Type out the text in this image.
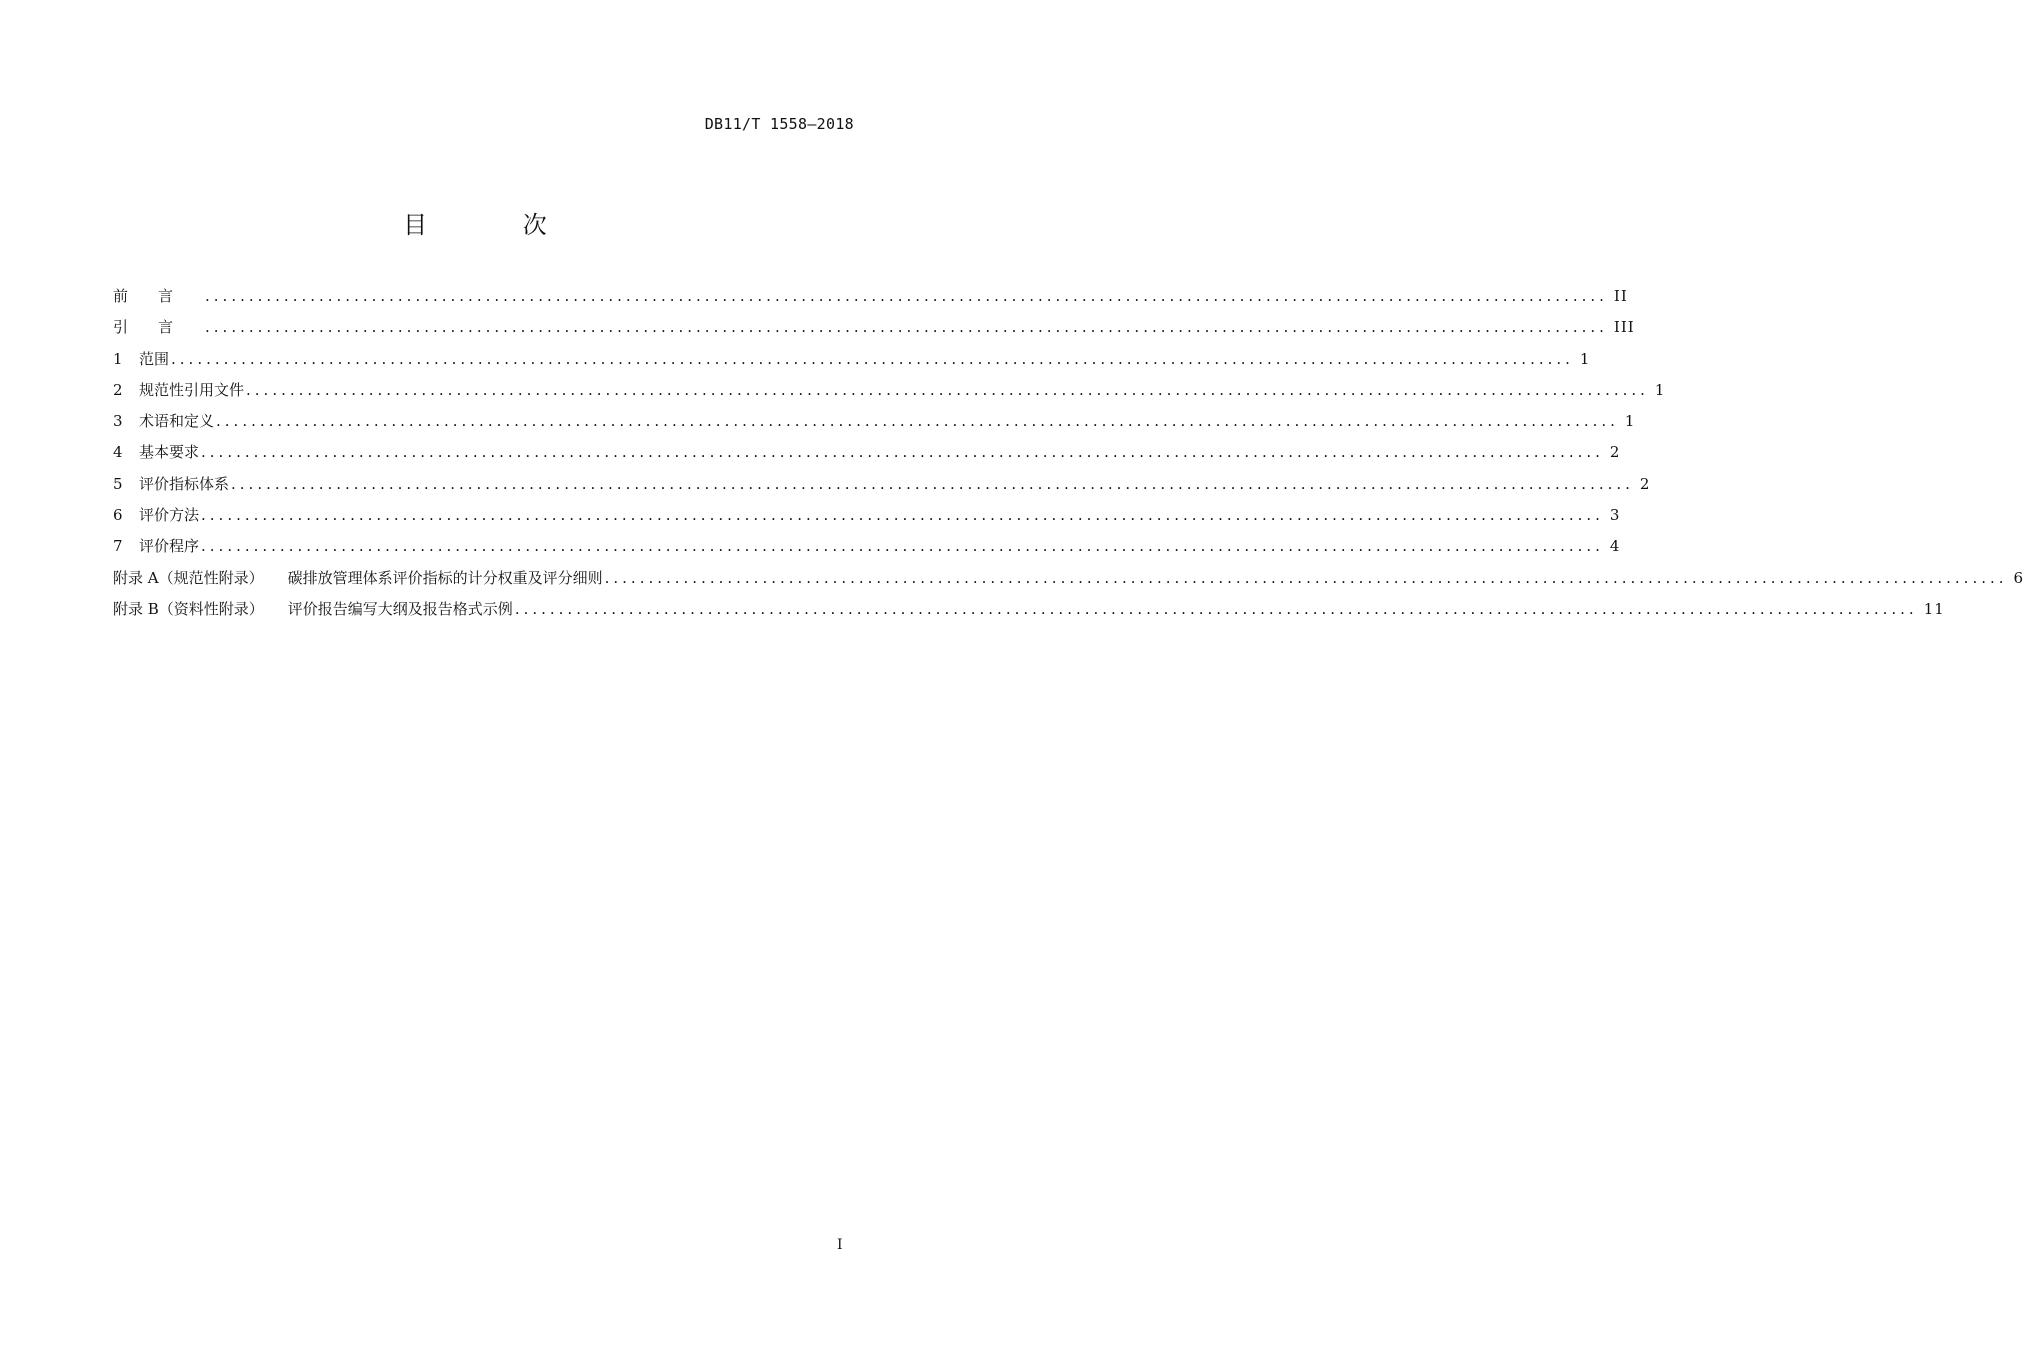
DB11/T 1558—2018
目 次
前言 ................................................................................................................................................................ II
引言 ................................................................................................................................................................ III
1	范围 ................................................................................................................................................................ 1
2	规范性引用文件 ................................................................................................................................................................ 1
3	术语和定义 ................................................................................................................................................................ 1
4	基本要求 ................................................................................................................................................................ 2
5	评价指标体系 ................................................................................................................................................................ 2
6	评价方法 ................................................................................................................................................................ 3
7	评价程序 ................................................................................................................................................................ 4
附录 A（规范性附录） 碳排放管理体系评价指标的计分权重及评分细则 ................................................................................................................................................................ 6
附录 B（资料性附录） 评价报告编写大纲及报告格式示例 ................................................................................................................................................................ 11
I
